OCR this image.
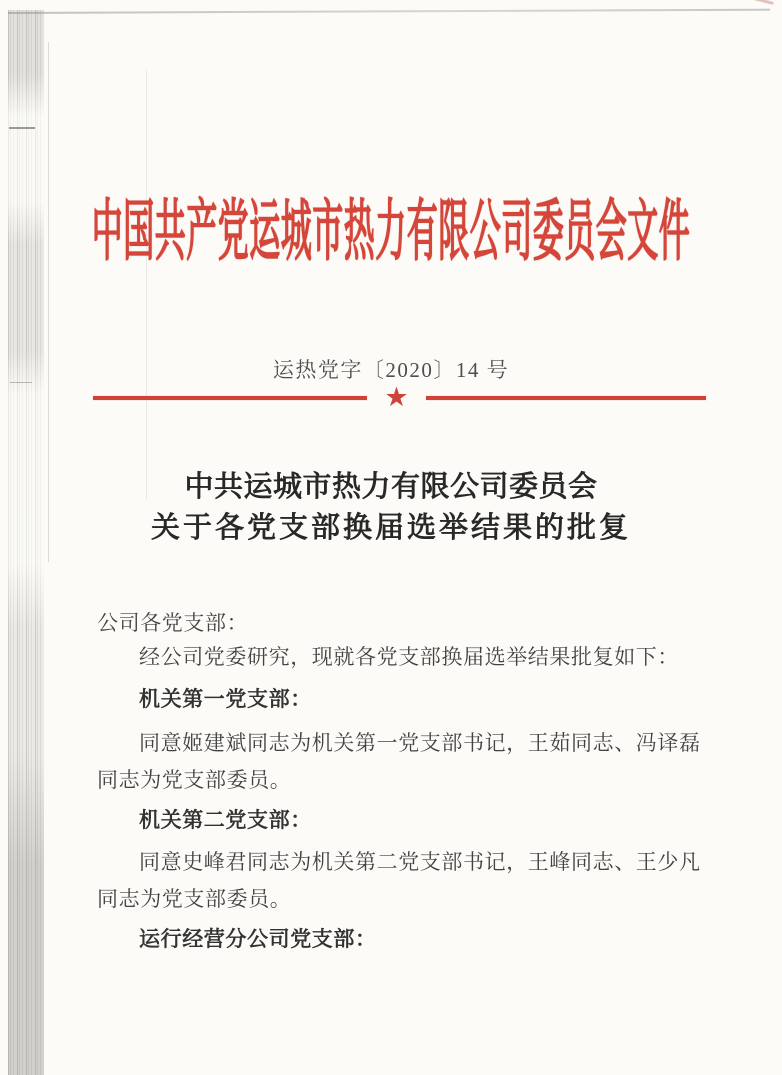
中国共产党运城市热力有限公司委员会文件
运热党字〔2020〕14 号
★
中共运城市热力有限公司委员会
关于各党支部换届选举结果的批复

公司各党支部：

经公司党委研究，现就各党支部换届选举结果批复如下：

机关第一党支部：

同意姬建斌同志为机关第一党支部书记，王茹同志、冯译磊

同志为党支部委员。

机关第二党支部：

同意史峰君同志为机关第二党支部书记，王峰同志、王少凡

同志为党支部委员。

运行经营分公司党支部：
